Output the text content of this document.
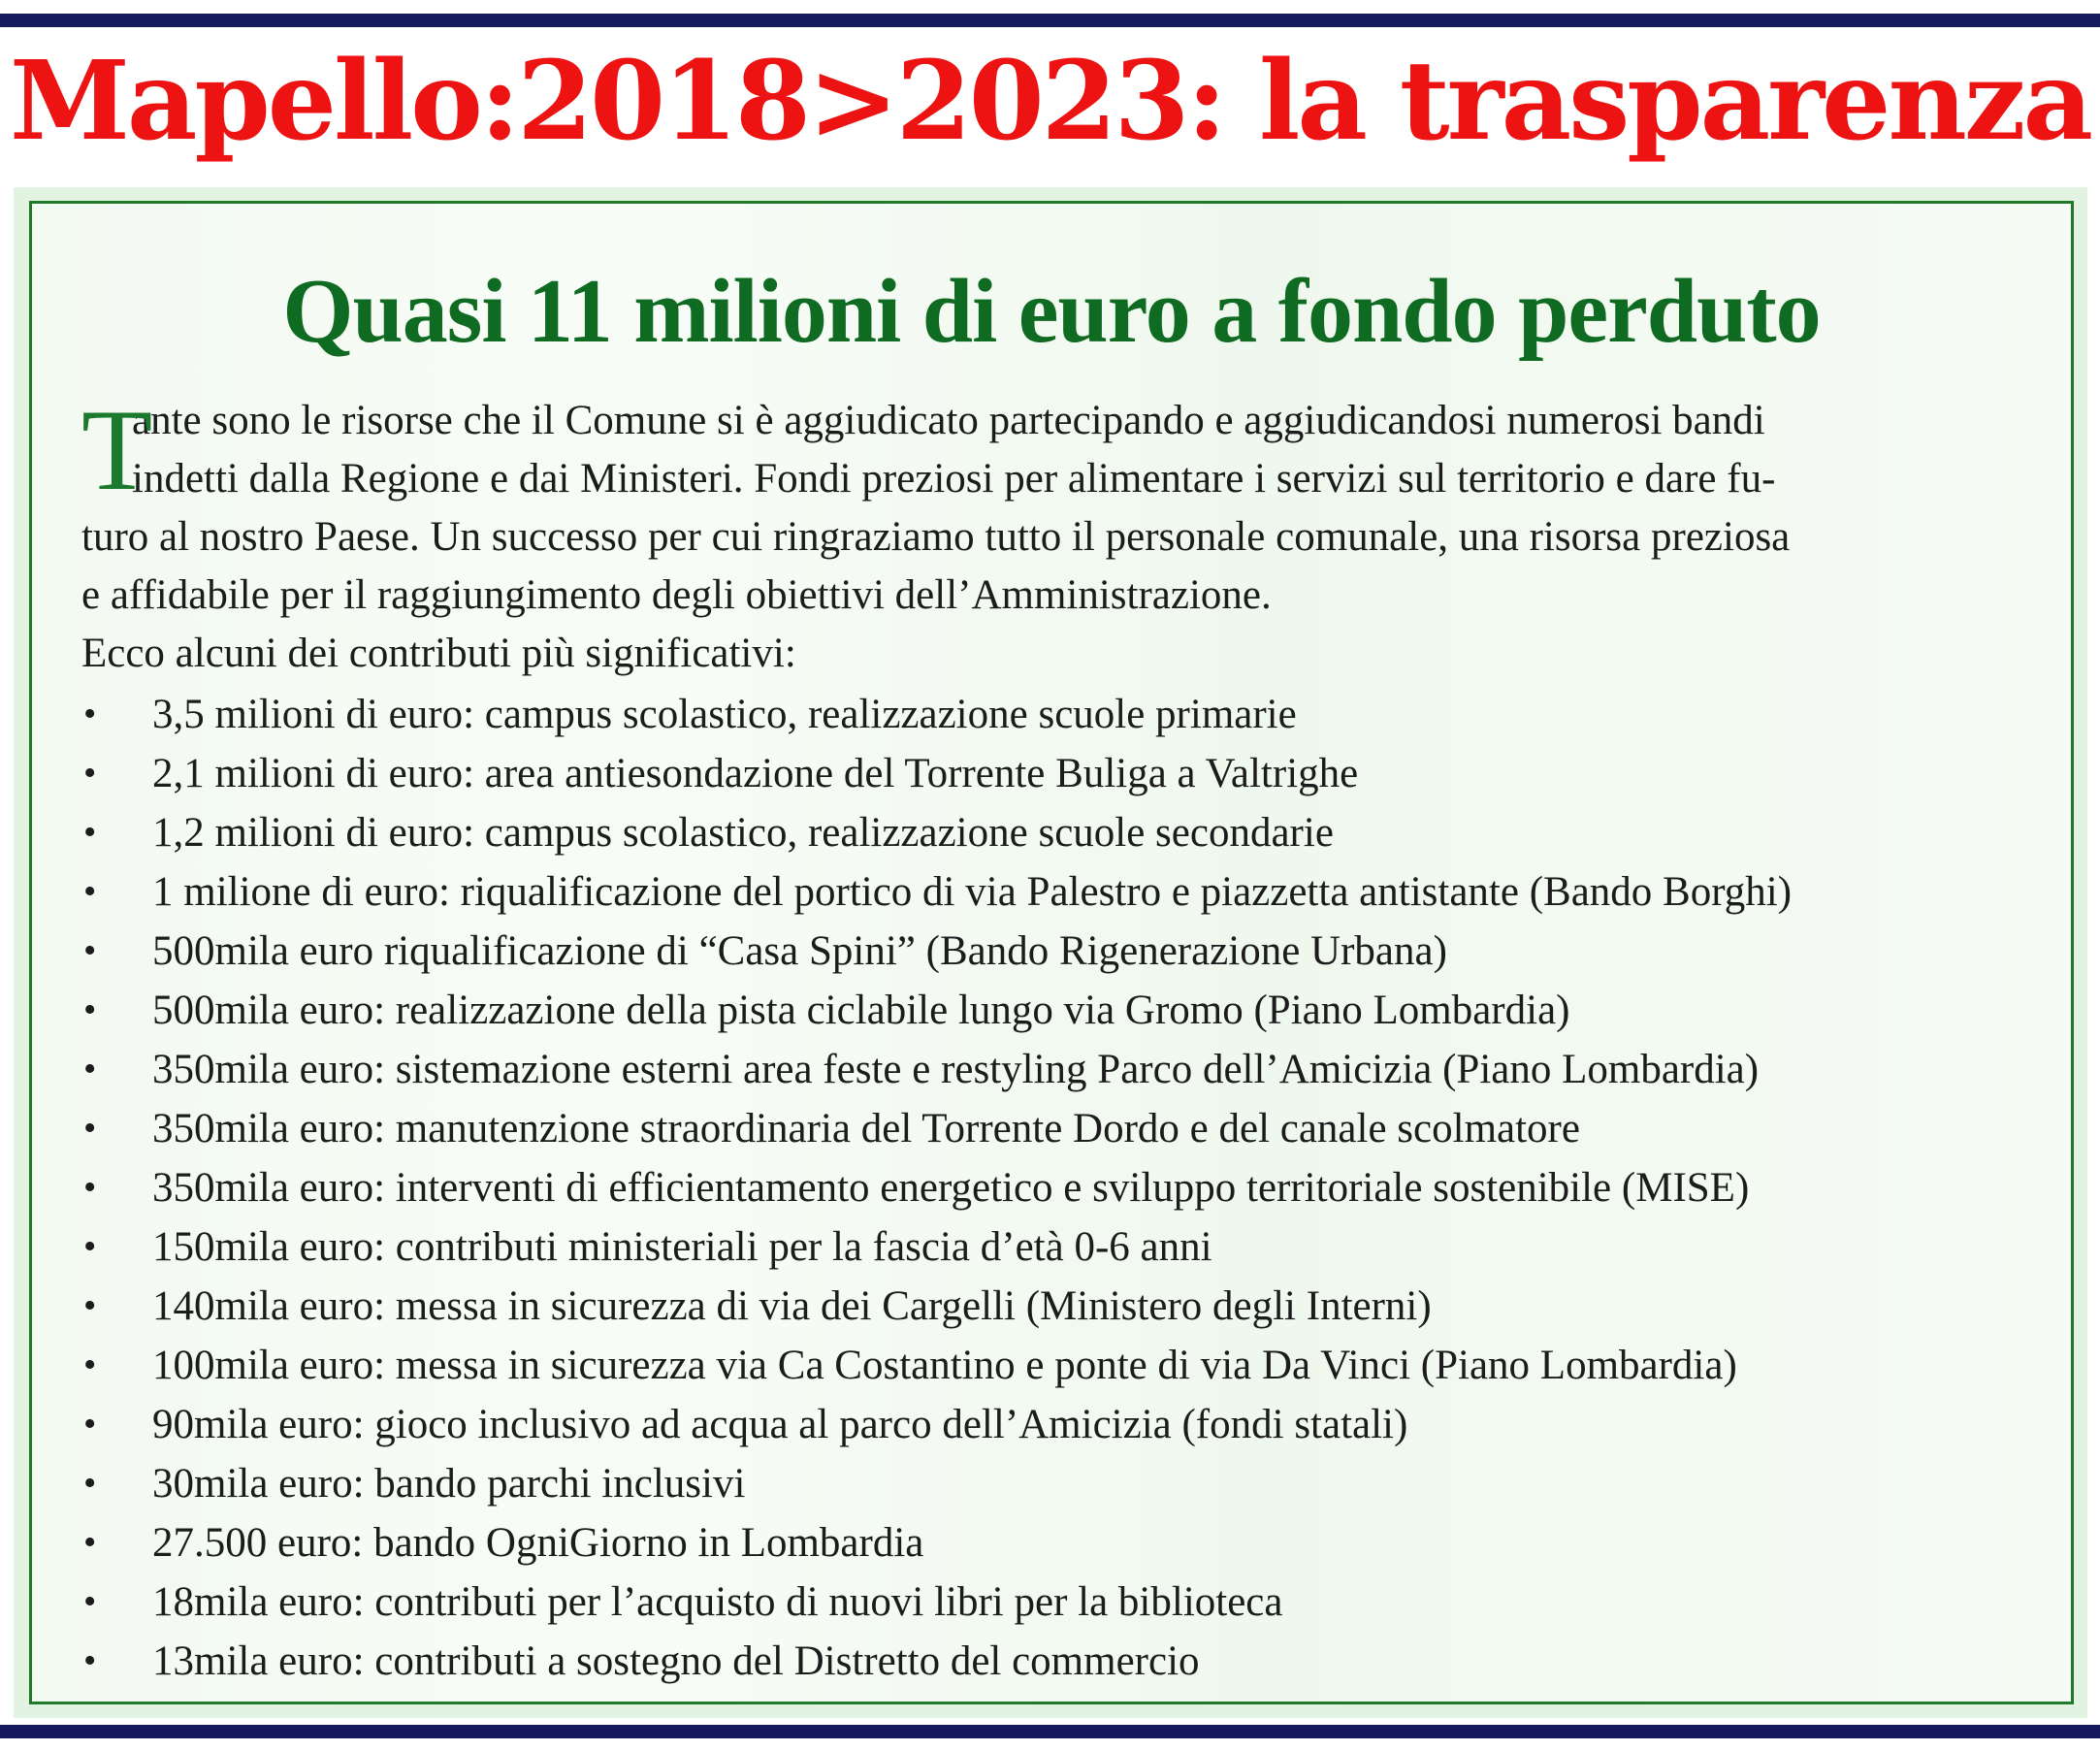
Mapello:2018>2023: la trasparenza
Quasi 11 milioni di euro a fondo perduto
T
ante sono le risorse che il Comune si è aggiudicato partecipando e aggiudicandosi numerosi bandi
indetti dalla Regione e dai Ministeri. Fondi preziosi per alimentare i servizi sul territorio e dare fu-
turo al nostro Paese. Un successo per cui ringraziamo tutto il personale comunale, una risorsa preziosa
e affidabile per il raggiungimento degli obiettivi dell’Amministrazione.
Ecco alcuni dei contributi più significativi:
• 3,5 milioni di euro: campus scolastico, realizzazione scuole primarie
• 2,1 milioni di euro: area antiesondazione del Torrente Buliga a Valtrighe
• 1,2 milioni di euro: campus scolastico, realizzazione scuole secondarie
• 1 milione di euro: riqualificazione del portico di via Palestro e piazzetta antistante (Bando Borghi)
• 500mila euro riqualificazione di “Casa Spini” (Bando Rigenerazione Urbana)
• 500mila euro: realizzazione della pista ciclabile lungo via Gromo (Piano Lombardia)
• 350mila euro: sistemazione esterni area feste e restyling Parco dell’Amicizia (Piano Lombardia)
• 350mila euro: manutenzione straordinaria del Torrente Dordo e del canale scolmatore
• 350mila euro: interventi di efficientamento energetico e sviluppo territoriale sostenibile (MISE)
• 150mila euro: contributi ministeriali per la fascia d’età 0-6 anni
• 140mila euro: messa in sicurezza di via dei Cargelli (Ministero degli Interni)
• 100mila euro: messa in sicurezza via Ca Costantino e ponte di via Da Vinci (Piano Lombardia)
• 90mila euro: gioco inclusivo ad acqua al parco dell’Amicizia (fondi statali)
• 30mila euro: bando parchi inclusivi
• 27.500 euro: bando OgniGiorno in Lombardia
• 18mila euro: contributi per l’acquisto di nuovi libri per la biblioteca
• 13mila euro: contributi a sostegno del Distretto del commercio
